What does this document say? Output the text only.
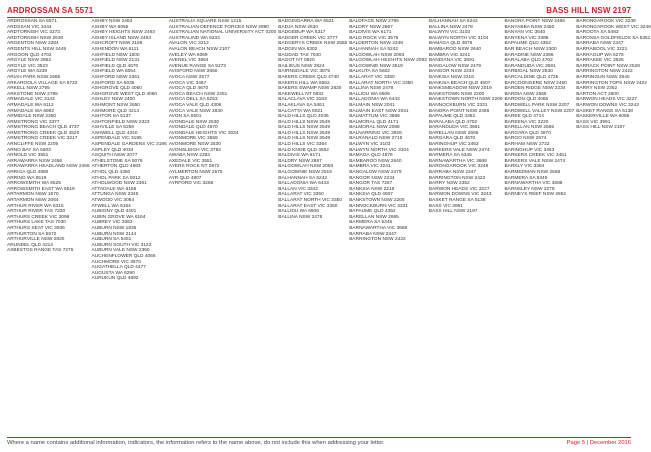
ARDROSSAN SA 5571	BASS HILL NSW 2197
ARDROSSAN SA 5571
ARDSSAN VIC 3444
ARDTORNISH VIC 3273
ARDTORNISH NSW 2630
ARGENTON NSW 2284
ARGENTS HILL NSW 2449
ARGOON QLD 4702
ARGYLE NSW 2852
ARGYLE VIC 3523
ARGYLE WA 6239
ARIAH PARK NSW 2665
ARKAROOLA VILLAGE SA 5732
ARKELL NSW 2795
ARKSTONE NSW 2795
ARMADALE VIC 3143
ARMADALE WA 6112
ARMADALE WA 6992
ARMIDALE NSW 2350
ARMSTRONG VIC 3377
ARMSTRONG BEACH QLD 4737
ARMSTRONG CREEK QLD 4520
ARMSTRONG CREEK VIC 3217
ARNCLIFFE NSW 2205
ARNO BAY SA 5603
ARNOLD VIC 3551
ARRAWARRA NSW 2456
ARRAWARRA HEADLAND NSW 2456
ARRIGA QLD 4880
ARRINO WA 6519
ARROWSMITH WA 6525
ARROWSMITH EAST WA 6519
ARTARMON NSW 1570
ARTARMON NSW 2064
ARTHUR RIVER WA 6315
ARTHUR RIVER TAS 7330
ARTHURS CREEK VIC 3099
ARTHURS LAKE TAS 7030
ARTHURS SEAT VIC 3936
ARTHURTON SA 5572
ARTHURVILLE NSW 2820
ARUNDEL QLD 4214
ASBESTOS RANGE TAS 7275
ASHBY NSW 2463
ASHBY WA 6065
ASHBY HEIGHTS NSW 2463
ASHBY ISLAND NSW 2463
ASHCROFT NSW 2168
ASHENDON WA 6111
ASHFIELD NSW 1800
ASHFIELD NSW 2131
ASHFIELD QLD 4670
ASHFIELD WA 6054
ASHFORD NSW 2361
ASHFORD SA 5035
ASHGROVE QLD 4060
ASHGROVE WEST QLD 4060
ASHLEY NSW 2400
ASHMONT NSW 2650
ASHMORE QLD 4214
ASHTON SA 5137
ASHTONFIELD NSW 2323
ASHVILLE SA 5259
ASHWELL QLD 4340
ASPENDALE VIC 3195
ASPENDALE GARDENS VIC 3195
ASPLEY QLD 4034
ASQUITH NSW 2077
ATHELSTONE SA 5076
ATHERTON QLD 4883
ATHOL QLD 4350
ATHOL PARK SA 5012
ATHOLWOOD NSW 2361
ATTADALE WA 6156
ATTUNGA NSW 2345
ATWOOD VIC 3064
ATWELL WA 6164
AUBIGNY QLD 4401
AUBIN GROVE WA 6164
AUBREY VIC 3393
AUBURN NSW 1835
AUBURN NSW 2144
AUBURN SA 5451
AUBURN SOUTH VIC 3122
AUBURN VALE NSW 2360
AUCHENFLOWER QLD 4066
AUCHMORE VIC 3570
AUGATHELLA QLD 4477
AUGUSTA WA 6290
AURUKUN QLD 4892
AUSTRALIA SQUARE NSW 1215
AUSTRALIAN DEFENCE FORCES NSW 2890
AUSTRALIAN NATIONAL UNIVERSITY ACT 0200
AUSTRALIND WA 6233
AVALON VIC 3212
AVALON BEACH NSW 2107
AVELEY WA 6069
AVENEL VIC 3664
AVENUE RANGE SA 5273
AVISFORD NSW 2850
AVOCA NSW 2577
AVOCA VIC 3467
AVOCA QLD 4670
AVOCA BEACH NSW 2251
AVOCA DELL SA 5253
AVOCA VALE QLD 4306
AVOCA VALE NSW 2830
AVON SA 5501
AVONDALE NSW 2530
AVONDALE QLD 4670
AVONDALE HEIGHTS VIC 3034
AVONMORE VIC 3559
AVONMORE NSW 2530
AVONSLEIGH VIC 3782
AWABA NSW 2283
AXEDALE VIC 3551
AYERS ROCK NT 0872
AYLMERTON NSW 2575
AYR QLD 4807
AYRFORD VIC 3268
BADGINGARRA WA 6521
BADJA NSW 2630
BADGEBUP WA 6317
BADGER CREEK VIC 3777
BADGERYS CREEK NSW 2555
BADGIN WA 6302
BAGDAD TAS 7030
BAGOT NT 0820
BAILIEUS NSW 2824
BAIRNSDALE VIC 3875
BAKERS CREEK QLD 4740
BAKERS HILL WA 6562
BAKERS SWAMP NSW 2820
BAKEWELL NT 0832
BALACLAVA VIC 3183
BALAKLAVA SA 5461
BALCATTA WA 6021
BALD HILLS QLD 4036
BALD HILLS NSW 2549
BALD HILLS NSW 2549
BALD HILLS NSW 2549
BALD HILLS NSW 2549
BALD HILLS VIC 3364
BALD KNOB QLD 4552
BALDIVIS WA 6171
BALDRY NSW 2867
BALGOWLAH NSW 2093
BALGOWNIE NSW 2519
BALHANNAH SA 5242
BALLADONIA WA 6443
BALLAN VIC 3342
BALLARAT VIC 3350
BALLARAT NORTH VIC 3350
BALLARAT EAST VIC 3350
BALLIDU WA 6606
BALLINA NSW 2478
BALDFACE NSW 2795
BALDRY NSW 2867
BALDIVIS WA 6171
BALD ROCK VIC 3575
BALDERTON NSW 2348
BALHANNAH SA 5242
BALGOWLAH NSW 2093
BALGOWLAH HEIGHTS NSW 2093
BALGOWNIE NSW 2519
BALKUTA SA 5602
BALLARAT VIC 3350
BALLARAT NORTH VIC 3350
BALLINA NSW 2478
BALLIDU WA 6606
BALLADONIA WA 6443
BALMAIN NSW 2041
BALMAIN EAST NSW 2041
BALMATTUM VIC 3666
BALMORAL QLD 4171
BALMORAL NSW 2088
BALNARRING VIC 3926
BALRANALD NSW 2715
BALWYN VIC 3103
BALWYN NORTH VIC 3104
BAMAGA QLD 4876
BAMBAROO NSW 2640
BAMBRA VIC 3241
BANGALOW NSW 2479
BANGOR NSW 2234
BANGOR TAS 7267
BANKSIA NSW 2216
BANKSIA QLD 4507
BANKSTOWN NSW 2200
BANNOCKBURN VIC 3331
BAPAUME QLD 4352
BARELLAN NSW 2665
BARMERA SA 5345
BARNAWARTHA VIC 3688
BARRABA NSW 2347
BARRINGTON NSW 2422
BALHANNAH SA 5242
BALLINA NSW 2478
BALWYN VIC 3103
BALWYN NORTH VIC 3104
BAMAGA QLD 4876
BAMBAROO NSW 2640
BAMBRA VIC 3241
BANDIANA VIC 3691
BANGALOW NSW 2479
BANGOR NSW 2234
BANKSIA NSW 2216
BANKSIA BEACH QLD 4507
BANKSMEADOW NSW 2019
BANKSTOWN NSW 2200
BANKSTOWN NORTH NSW 2200
BANNOCKBURN VIC 3331
BANORA POINT NSW 2486
BAPAUME QLD 4352
BARALABA QLD 4702
BARANDUDA VIC 3691
BARELLAN NSW 2665
BARGARA QLD 4670
BARINGHUP VIC 3463
BARKERS VALE NSW 2474
BARMERA SA 5345
BARNAWARTHA VIC 3688
BARONGAROOK VIC 3249
BARRABA NSW 2347
BARRINGTON NSW 2422
BARRY NSW 2352
BARWON HEADS VIC 3227
BARWON DOWNS VIC 3243
BASKET RANGE SA 5138
BASS VIC 3991
BASS HILL NSW 2197
BANORA POINT NSW 2486
BANYABBA NSW 2460
BANYAN VIC 3540
BANYENA VIC 3388
BAPAUME QLD 4352
BAR BEACH NSW 2300
BARADINE NSW 2396
BARALABA QLD 4702
BARANDUDA VIC 3691
BARBIGAL NSW 2830
BARCALDINE QLD 4725
BARCOONGERE NSW 2450
BARDEN RIDGE NSW 2234
BARDIA NSW 2565
BARDON QLD 4065
BARDWELL PARK NSW 2207
BARDWELL VALLEY NSW 2207
BAREE QLD 4714
BAREENA VIC 3220
BARELLAN NSW 2665
BARGARA QLD 4670
BARGO NSW 2574
BARHAM NSW 2732
BARINGHUP VIC 3463
BARKERS CREEK VIC 3451
BARKERS VALE NSW 2474
BARKLY VIC 3384
BARMEDMAN NSW 2668
BARMERA SA 5345
BARNAWARTHA VIC 3688
BARNSLEY NSW 2278
BARNEYS REEF NSW 2852
BARONGAROOK VIC 3249
BARONGAROOK WEST VIC 3249
BAROOTA SA 5483
BAROSSA GOLDFIELDS SA 5351
BARRABA NSW 2347
BARRABOOL VIC 3221
BARRAGUP WA 6275
BARRAKEE VIC 3525
BARRACK POINT NSW 2528
BARRINGTON NSW 2422
BARRINGUN NSW 2840
BARRINGTON TOPS NSW 2422
BARRY NSW 2352
BARTON ACT 2600
BARWON HEADS VIC 3227
BARWON DOWNS VIC 3243
BASKET RANGE SA 5138
BASKERVILLE WA 6056
BASS VIC 3991
BASS HILL NSW 2197
Where a name contains additional information, indicators, the information refers to the name above, do not include this when addressing your letter.	Page 5 | December 2016
